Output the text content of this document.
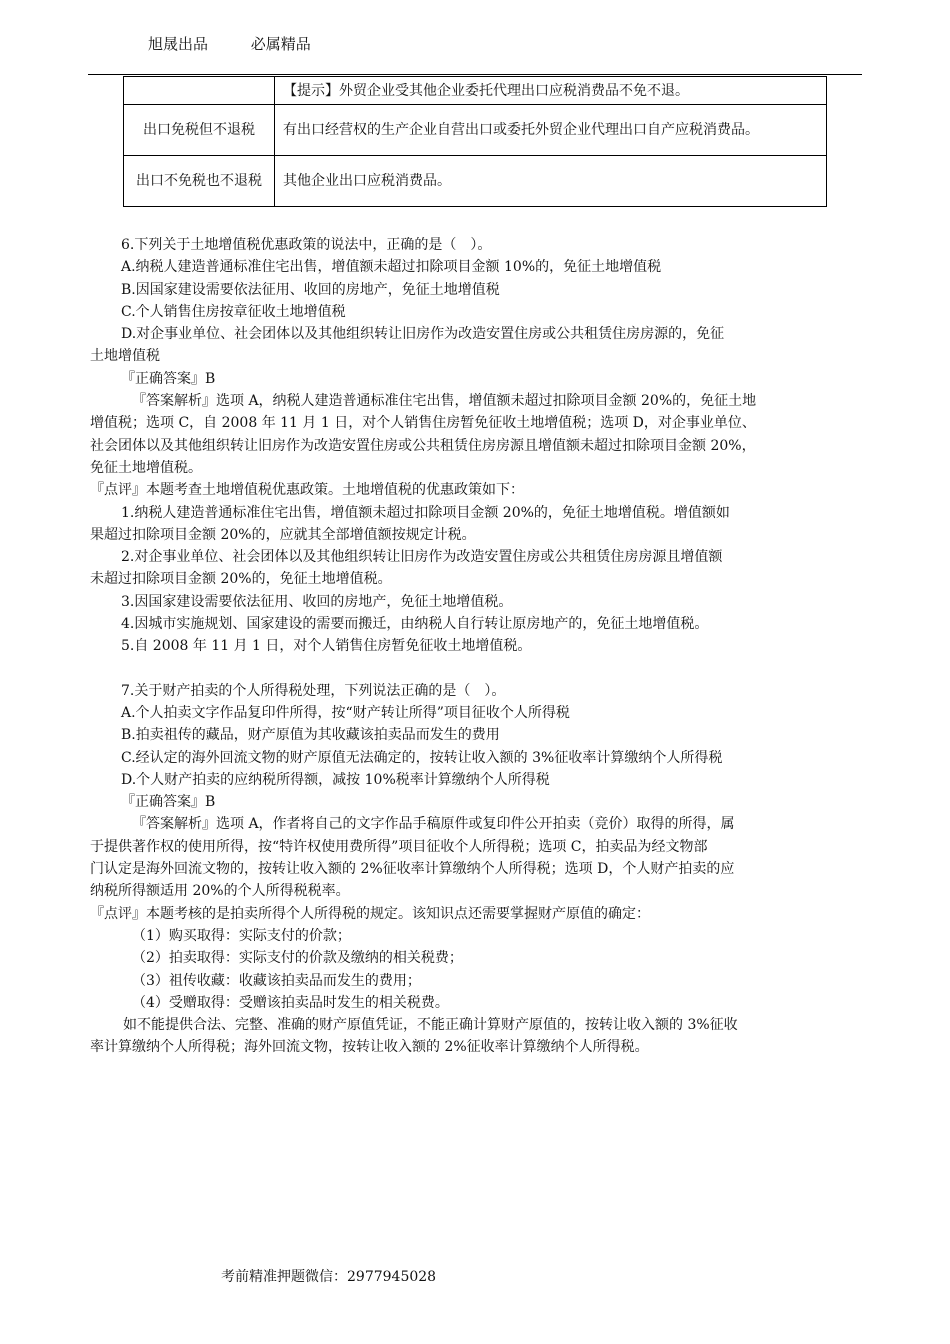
旭晟出品	必属精品
	【提示】外贸企业受其他企业委托代理出口应税消费品不免不退。
出口免税但不退税	有出口经营权的生产企业自营出口或委托外贸企业代理出口自产应税消费品。
出口不免税也不退税	其他企业出口应税消费品。

6.下列关于土地增值税优惠政策的说法中，正确的是（　）。

A.纳税人建造普通标准住宅出售，增值额未超过扣除项目金额 10%的，免征土地增值税

B.因国家建设需要依法征用、收回的房地产，免征土地增值税

C.个人销售住房按章征收土地增值税

D.对企事业单位、社会团体以及其他组织转让旧房作为改造安置住房或公共租赁住房房源的，免征

土地增值税

『正确答案』B

『答案解析』选项 A，纳税人建造普通标准住宅出售，增值额未超过扣除项目金额 20%的，免征土地

增值税；选项 C，自 2008 年 11 月 1 日，对个人销售住房暂免征收土地增值税；选项 D，对企事业单位、

社会团体以及其他组织转让旧房作为改造安置住房或公共租赁住房房源且增值额未超过扣除项目金额 20%，

免征土地增值税。

『点评』本题考查土地增值税优惠政策。土地增值税的优惠政策如下：

1.纳税人建造普通标准住宅出售，增值额未超过扣除项目金额 20%的，免征土地增值税。增值额如

果超过扣除项目金额 20%的，应就其全部增值额按规定计税。

2.对企事业单位、社会团体以及其他组织转让旧房作为改造安置住房或公共租赁住房房源且增值额

未超过扣除项目金额 20%的，免征土地增值税。

3.因国家建设需要依法征用、收回的房地产，免征土地增值税。

4.因城市实施规划、国家建设的需要而搬迁，由纳税人自行转让原房地产的，免征土地增值税。

5.自 2008 年 11 月 1 日，对个人销售住房暂免征收土地增值税。

7.关于财产拍卖的个人所得税处理，下列说法正确的是（　）。

A.个人拍卖文字作品复印件所得，按“财产转让所得”项目征收个人所得税

B.拍卖祖传的藏品，财产原值为其收藏该拍卖品而发生的费用

C.经认定的海外回流文物的财产原值无法确定的，按转让收入额的 3%征收率计算缴纳个人所得税

D.个人财产拍卖的应纳税所得额，减按 10%税率计算缴纳个人所得税

『正确答案』B

『答案解析』选项 A，作者将自己的文字作品手稿原件或复印件公开拍卖（竞价）取得的所得，属

于提供著作权的使用所得，按“特许权使用费所得”项目征收个人所得税；选项 C，拍卖品为经文物部

门认定是海外回流文物的，按转让收入额的 2%征收率计算缴纳个人所得税；选项 D，个人财产拍卖的应

纳税所得额适用 20%的个人所得税税率。

『点评』本题考核的是拍卖所得个人所得税的规定。该知识点还需要掌握财产原值的确定：

（1）购买取得：实际支付的价款；

（2）拍卖取得：实际支付的价款及缴纳的相关税费；

（3）祖传收藏：收藏该拍卖品而发生的费用；

（4）受赠取得：受赠该拍卖品时发生的相关税费。

如不能提供合法、完整、准确的财产原值凭证，不能正确计算财产原值的，按转让收入额的 3%征收

率计算缴纳个人所得税；海外回流文物，按转让收入额的 2%征收率计算缴纳个人所得税。

考前精准押题微信：2977945028
